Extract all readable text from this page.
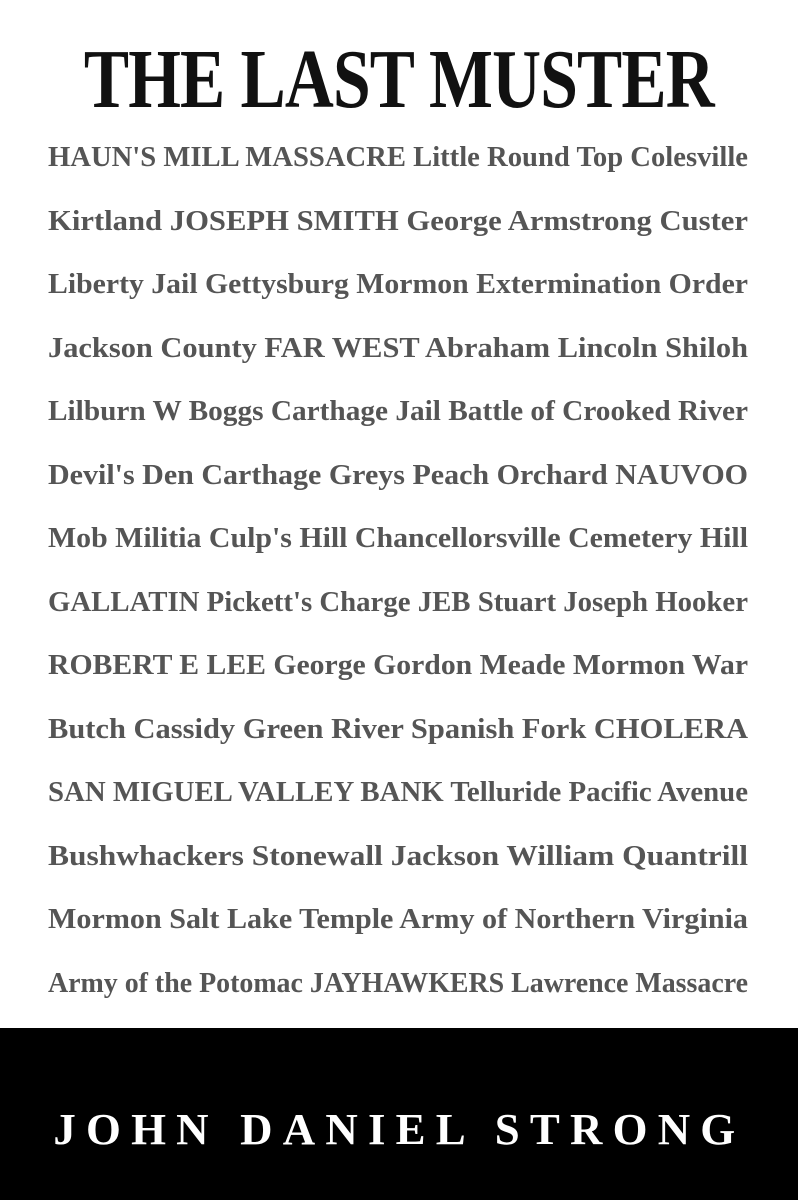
THE LAST MUSTER
HAUN'S MILL MASSACRE Little Round Top Colesville
Kirtland JOSEPH SMITH George Armstrong Custer
Liberty Jail Gettysburg Mormon Extermination Order
Jackson County FAR WEST Abraham Lincoln Shiloh
Lilburn W Boggs Carthage Jail Battle of Crooked River
Devil's Den Carthage Greys Peach Orchard NAUVOO
Mob Militia Culp's Hill Chancellorsville Cemetery Hill
GALLATIN Pickett's Charge JEB Stuart Joseph Hooker
ROBERT E LEE George Gordon Meade Mormon War
Butch Cassidy Green River Spanish Fork CHOLERA
SAN MIGUEL VALLEY BANK Telluride Pacific Avenue
Bushwhackers Stonewall Jackson William Quantrill
Mormon Salt Lake Temple Army of Northern Virginia
Army of the Potomac JAYHAWKERS Lawrence Massacre
JOHN DANIEL STRONG
